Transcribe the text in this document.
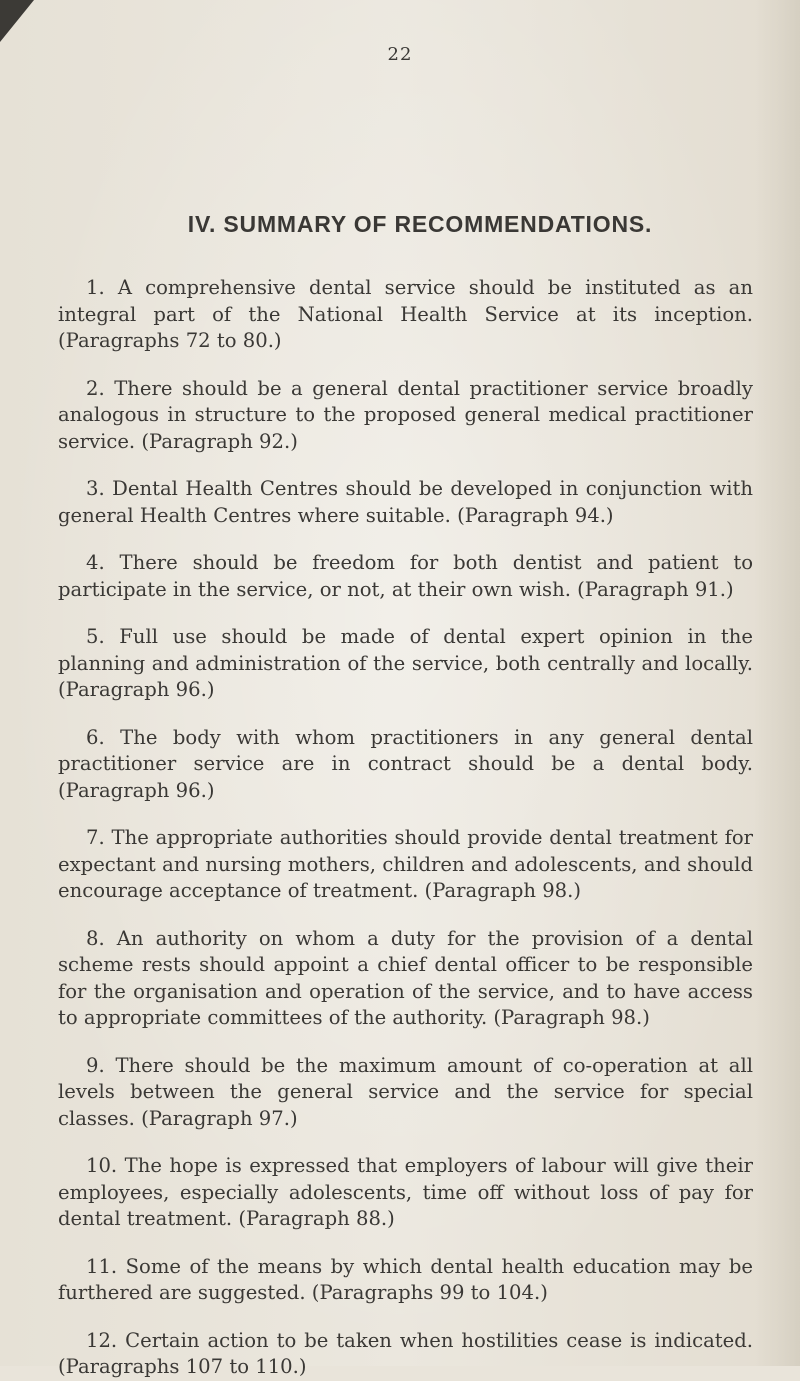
22

IV. SUMMARY OF RECOMMENDATIONS.

1. A comprehensive dental service should be instituted as an integral part of the National Health Service at its inception. (Paragraphs 72 to 80.)

2. There should be a general dental practitioner service broadly analogous in structure to the proposed general medical practitioner service. (Paragraph 92.)

3. Dental Health Centres should be developed in conjunction with general Health Centres where suitable. (Paragraph 94.)

4. There should be freedom for both dentist and patient to participate in the service, or not, at their own wish. (Paragraph 91.)

5. Full use should be made of dental expert opinion in the planning and administration of the service, both centrally and locally. (Paragraph 96.)

6. The body with whom practitioners in any general dental practitioner service are in contract should be a dental body. (Paragraph 96.)

7. The appropriate authorities should provide dental treatment for expectant and nursing mothers, children and adolescents, and should encourage acceptance of treatment. (Paragraph 98.)

8. An authority on whom a duty for the provision of a dental scheme rests should appoint a chief dental officer to be responsible for the organisation and operation of the service, and to have access to appropriate committees of the authority. (Paragraph 98.)

9. There should be the maximum amount of co-operation at all levels between the general service and the service for special classes. (Paragraph 97.)

10. The hope is expressed that employers of labour will give their employees, especially adolescents, time off without loss of pay for dental treatment. (Paragraph 88.)

11. Some of the means by which dental health education may be furthered are suggested. (Paragraphs 99 to 104.)

12. Certain action to be taken when hostilities cease is indicated. (Paragraphs 107 to 110.)
